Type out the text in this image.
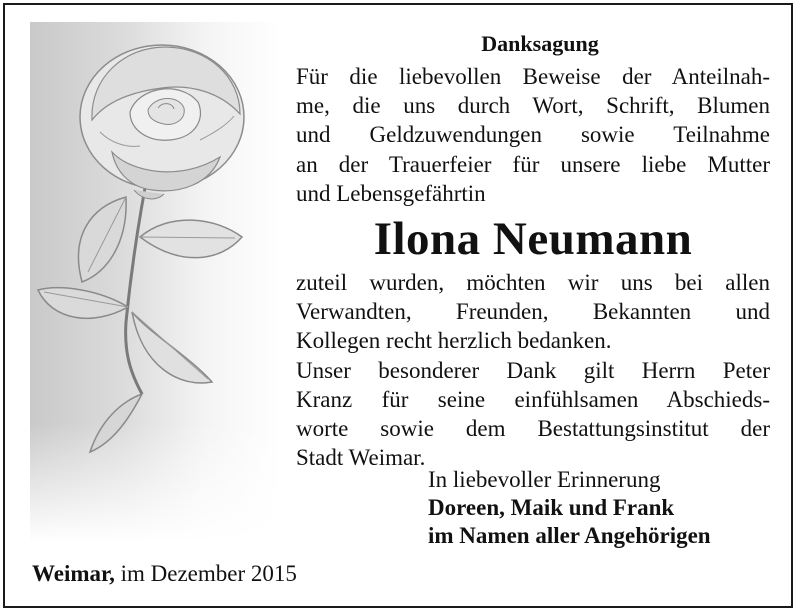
Danksagung
Für die liebevollen Beweise der Anteilnah-
me, die uns durch Wort, Schrift, Blumen
und Geldzuwendungen sowie Teilnahme
an der Trauerfeier für unsere liebe Mutter
und Lebensgefährtin
Ilona Neumann
zuteil wurden, möchten wir uns bei allen
Verwandten, Freunden, Bekannten und
Kollegen recht herzlich bedanken.
Unser besonderer Dank gilt Herrn Peter
Kranz für seine einfühlsamen Abschieds-
worte sowie dem Bestattungsinstitut der
Stadt Weimar.
In liebevoller Erinnerung
Doreen, Maik und Frank
im Namen aller Angehörigen
Weimar, im Dezember 2015
